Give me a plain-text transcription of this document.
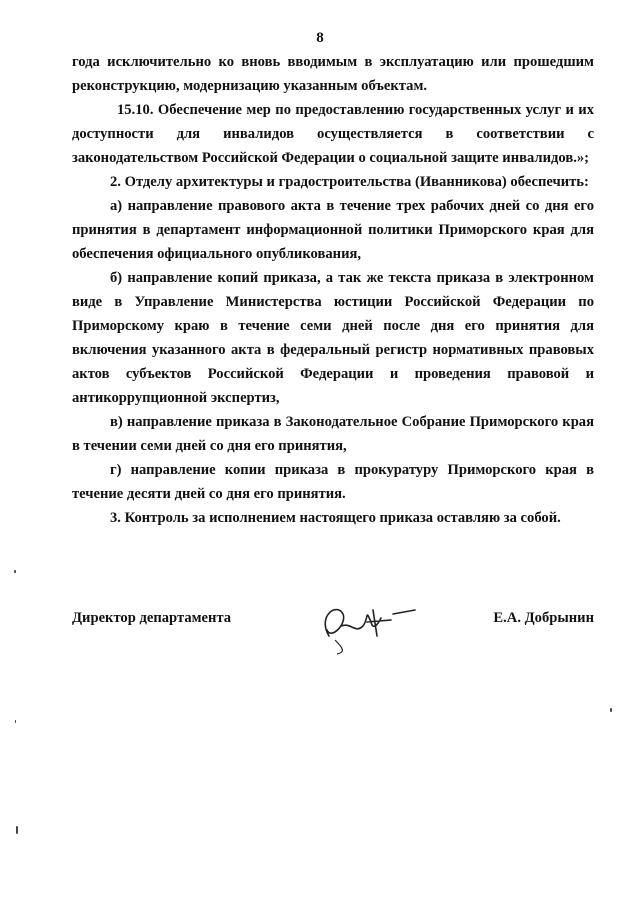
8

года исключительно ко вновь вводимым в эксплуатацию или прошедшим реконструкцию, модернизацию указанным объектам.

15.10. Обеспечение мер по предоставлению государственных услуг и их доступности для инвалидов осуществляется в соответствии с законодательством Российской Федерации о социальной защите инвалидов.»;

2. Отделу архитектуры и градостроительства (Иванникова) обеспечить:

а) направление правового акта в течение трех рабочих дней со дня его принятия в департамент информационной политики Приморского края для обеспечения официального опубликования,

б) направление копий приказа, а так же текста приказа в электронном виде в Управление Министерства юстиции Российской Федерации по Приморскому краю в течение семи дней после дня его принятия для включения указанного акта в федеральный регистр нормативных правовых актов субъектов Российской Федерации и проведения правовой и антикоррупционной экспертиз,

в) направление приказа в Законодательное Собрание Приморского края в течении семи дней со дня его принятия,

г) направление копии приказа в прокуратуру Приморского края в течение десяти дней со дня его принятия.

3. Контроль за исполнением настоящего приказа оставляю за собой.

Директор департамента	Е.А. Добрынин
